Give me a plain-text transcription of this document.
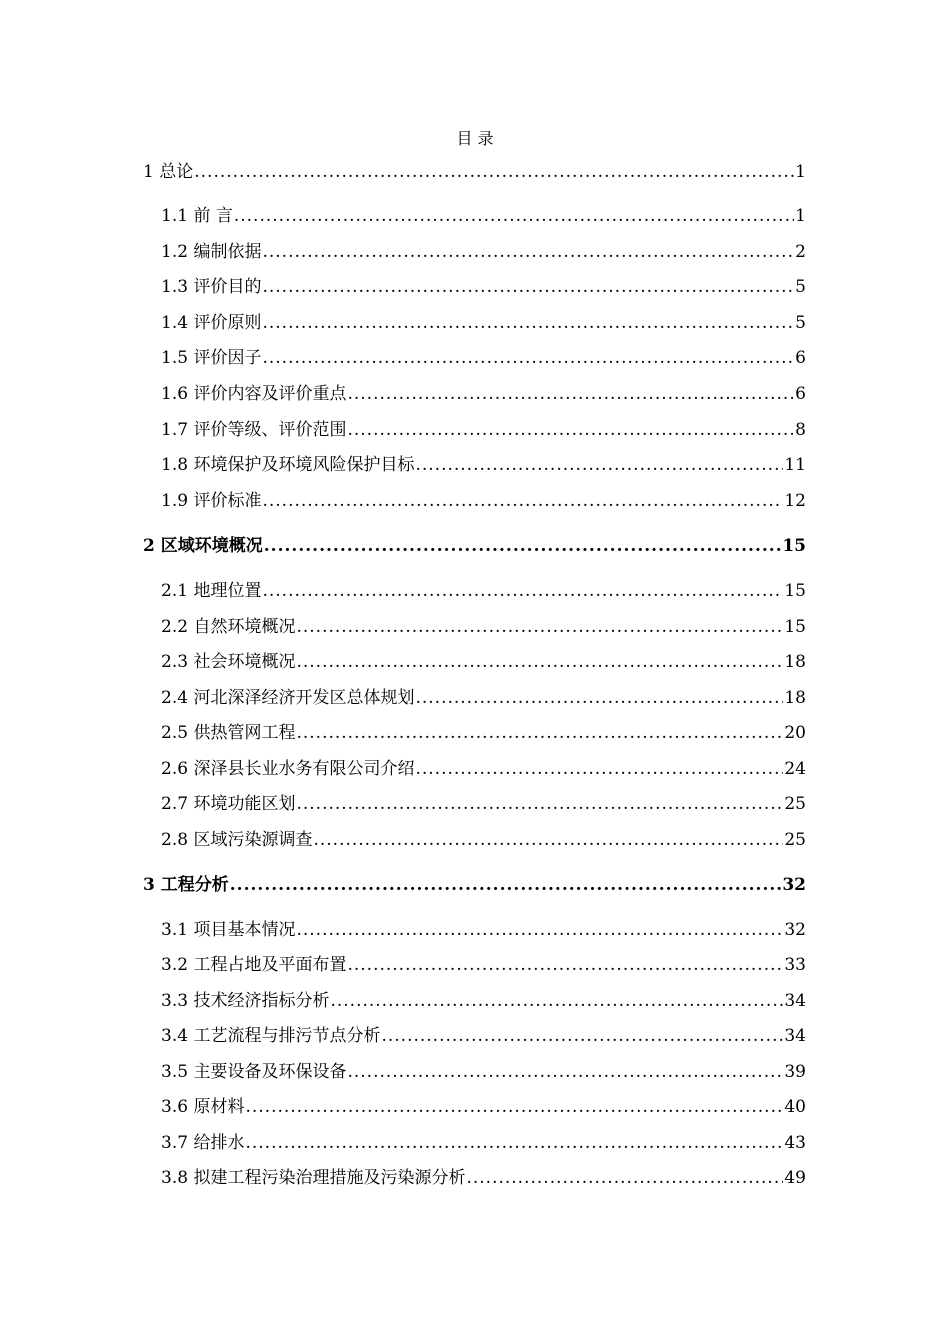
目 录
1 总论 .....	1
1.1 前 言 .....	1
1.2 编制依据 .....	2
1.3 评价目的 .....	5
1.4 评价原则 .....	5
1.5 评价因子 .....	6
1.6 评价内容及评价重点 .....	6
1.7 评价等级、评价范围 .....	8
1.8 环境保护及环境风险保护目标 .....	11
1.9 评价标准 .....	12
2 区域环境概况 .....	15
2.1 地理位置 .....	15
2.2 自然环境概况 .....	15
2.3 社会环境概况 .....	18
2.4 河北深泽经济开发区总体规划 .....	18
2.5 供热管网工程 .....	20
2.6 深泽县长业水务有限公司介绍 .....	24
2.7 环境功能区划 .....	25
2.8 区域污染源调查 .....	25
3 工程分析 .....	32
3.1 项目基本情况 .....	32
3.2 工程占地及平面布置 .....	33
3.3 技术经济指标分析 .....	34
3.4 工艺流程与排污节点分析 .....	34
3.5 主要设备及环保设备 .....	39
3.6 原材料 .....	40
3.7 给排水 .....	43
3.8 拟建工程污染治理措施及污染源分析 .....	49
